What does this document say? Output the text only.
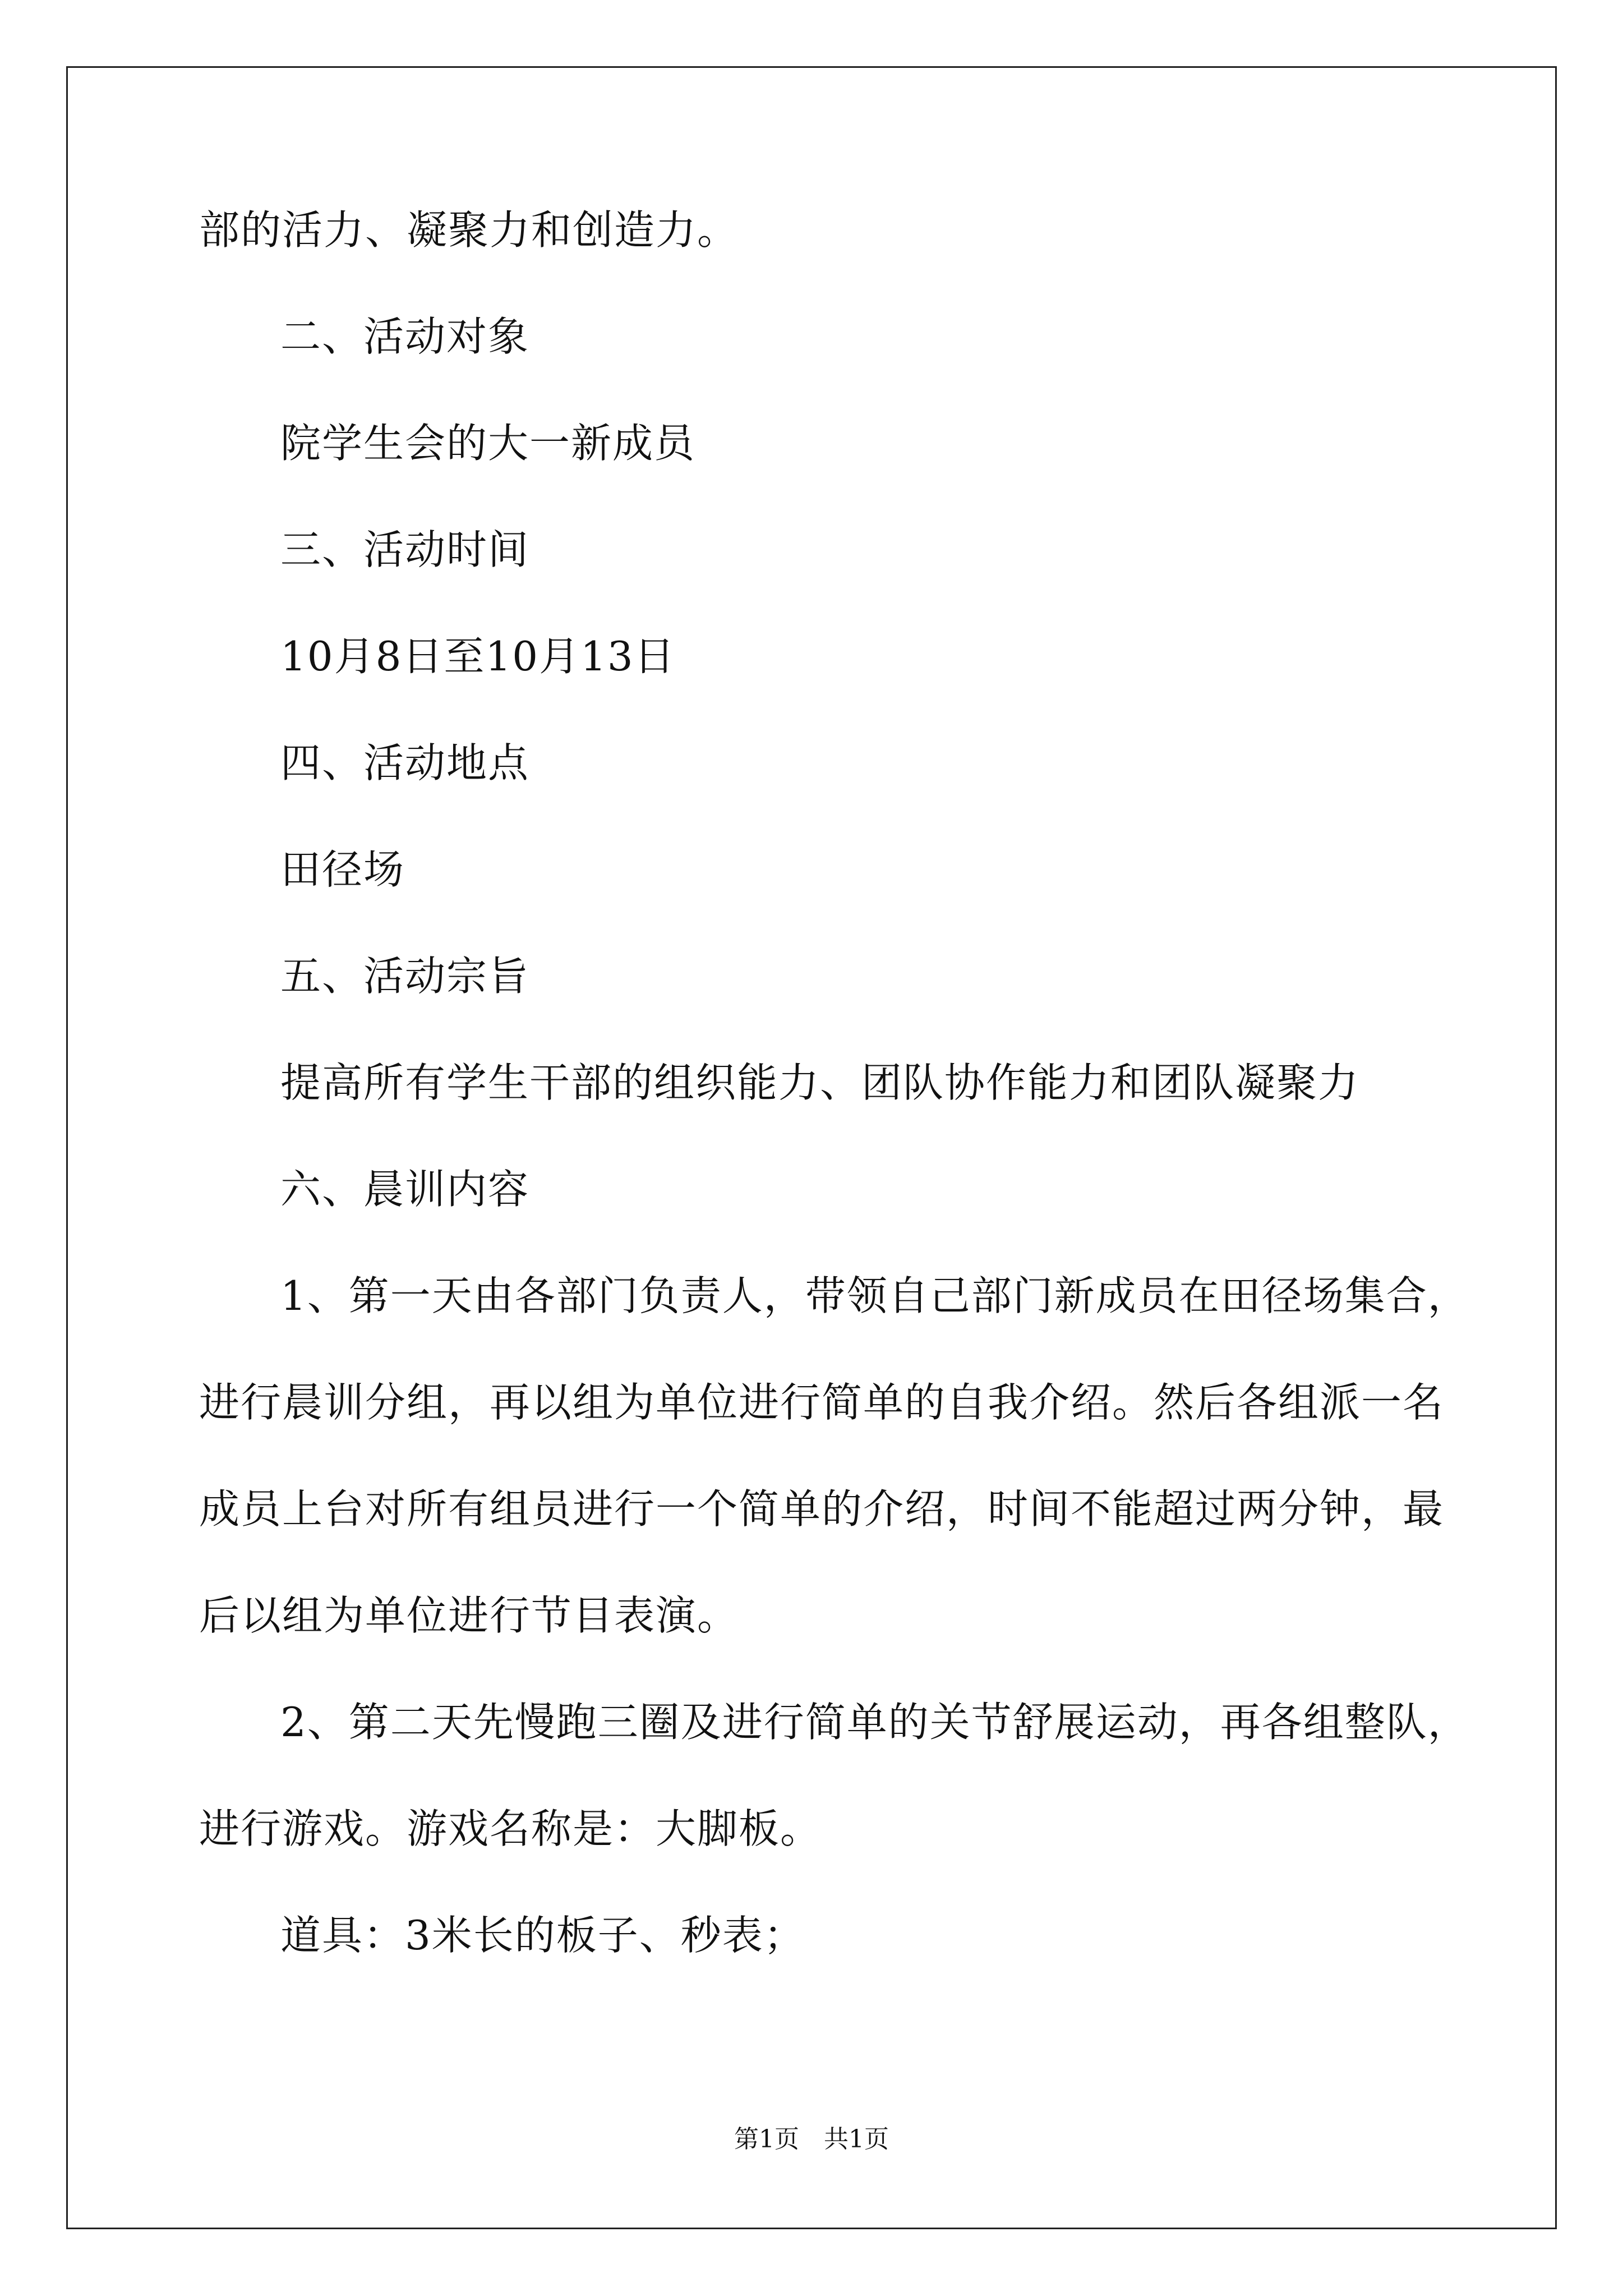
部的活力、凝聚力和创造力。
二、活动对象
院学生会的大一新成员
三、活动时间
10月8日至10月13日
四、活动地点
田径场
五、活动宗旨
提高所有学生干部的组织能力、团队协作能力和团队凝聚力
六、晨训内容
1、第一天由各部门负责人，带领自己部门新成员在田径场集合，
进行晨训分组，再以组为单位进行简单的自我介绍。然后各组派一名
成员上台对所有组员进行一个简单的介绍，时间不能超过两分钟，最
后以组为单位进行节目表演。
2、第二天先慢跑三圈及进行简单的关节舒展运动，再各组整队，
进行游戏。游戏名称是：大脚板。
道具：3米长的板子、秒表；
第1页　共1页
